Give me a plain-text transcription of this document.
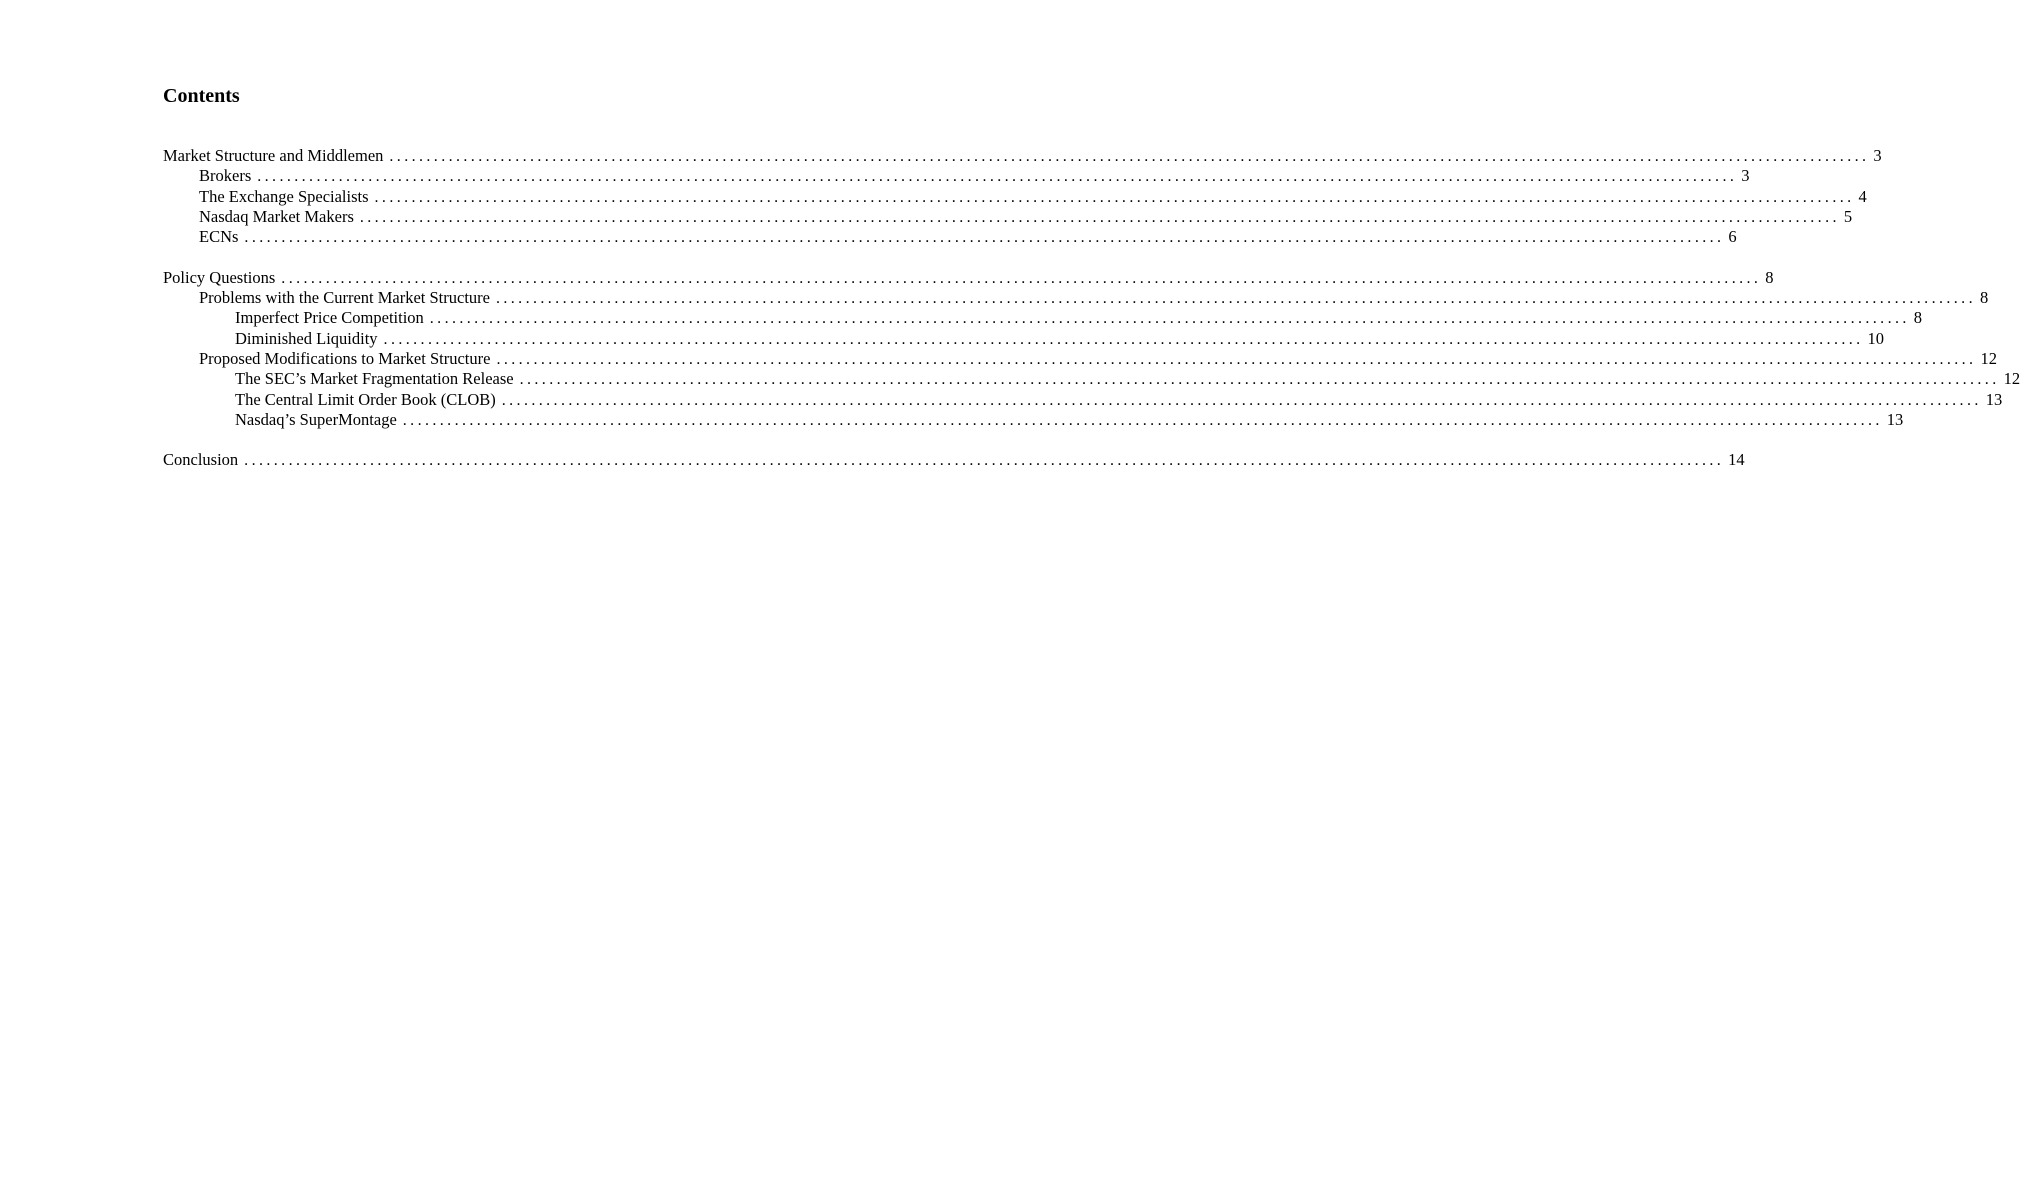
Contents
Market Structure and Middlemen ........................................................................................................................................................................................................ 3
Brokers ........................................................................................................................................................................................................ 3
The Exchange Specialists ........................................................................................................................................................................................................ 4
Nasdaq Market Makers ........................................................................................................................................................................................................ 5
ECNs ........................................................................................................................................................................................................ 6
Policy Questions ........................................................................................................................................................................................................ 8
Problems with the Current Market Structure ........................................................................................................................................................................................................ 8
Imperfect Price Competition ........................................................................................................................................................................................................ 8
Diminished Liquidity ........................................................................................................................................................................................................ 10
Proposed Modifications to Market Structure ........................................................................................................................................................................................................ 12
The SEC’s Market Fragmentation Release ........................................................................................................................................................................................................ 12
The Central Limit Order Book (CLOB) ........................................................................................................................................................................................................ 13
Nasdaq’s SuperMontage ........................................................................................................................................................................................................ 13
Conclusion ........................................................................................................................................................................................................ 14
